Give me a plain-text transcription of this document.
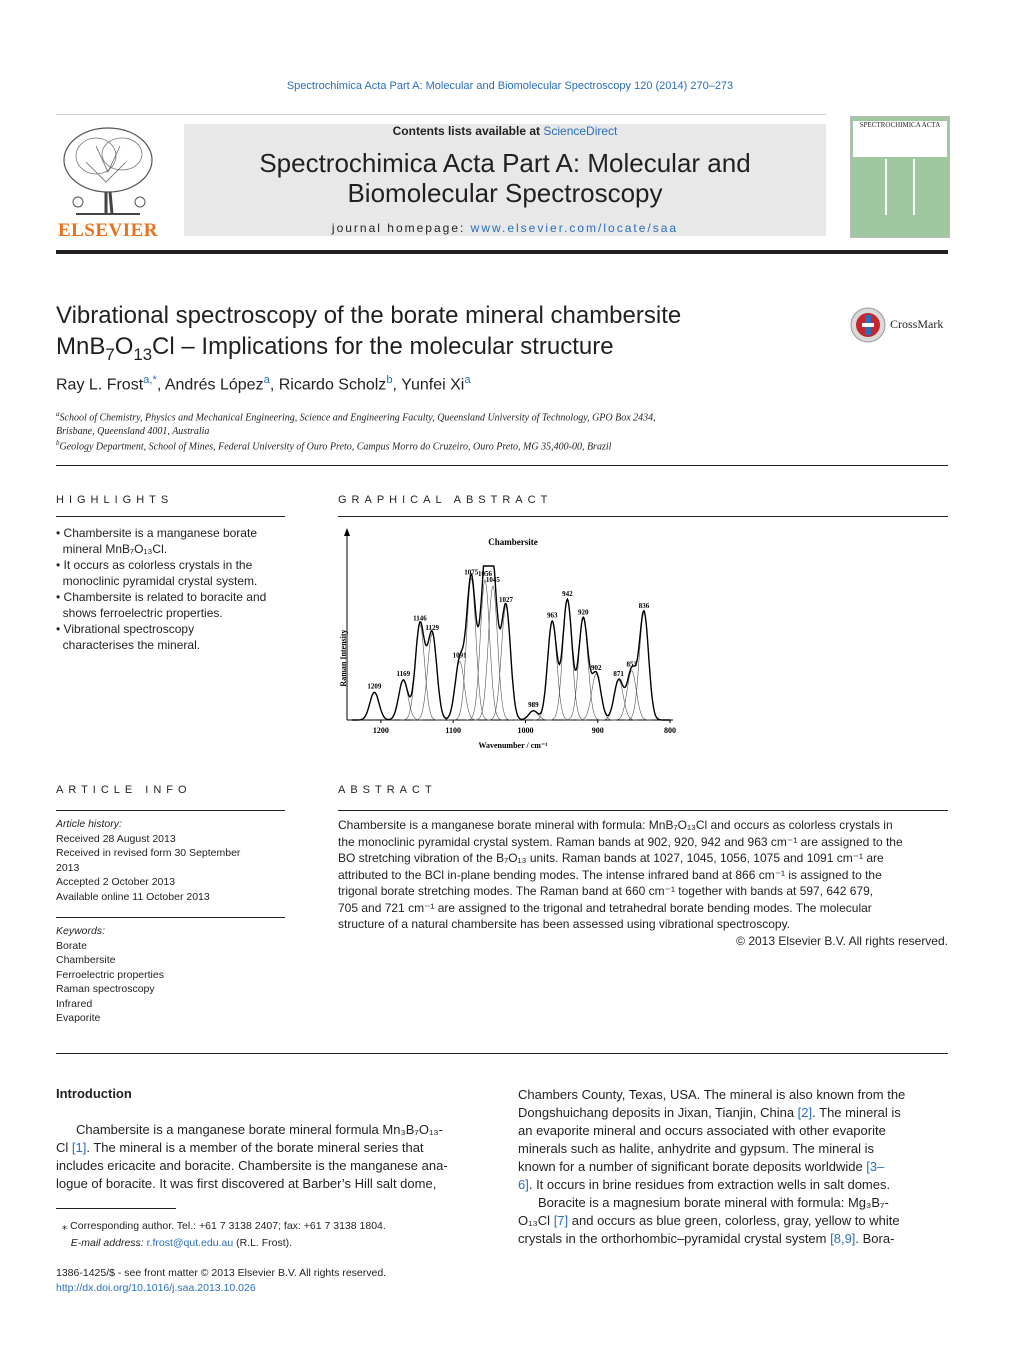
Spectrochimica Acta Part A: Molecular and Biomolecular Spectroscopy 120 (2014) 270–273
ELSEVIER
Contents lists available at ScienceDirect
Spectrochimica Acta Part A: Molecular and
Biomolecular Spectroscopy
journal homepage: www.elsevier.com/locate/saa
SPECTROCHIMICA ACTA
Vibrational spectroscopy of the borate mineral chambersite
$MnB_7O_{13}Cl$ – Implications for the molecular structure
CrossMark
Ray L. Frost$^{a,*}$, Andrés López$^a$, Ricardo Scholz$^b$, Yunfei Xi$^a$
$^a$School of Chemistry, Physics and Mechanical Engineering, Science and Engineering Faculty, Queensland University of Technology, GPO Box 2434,
Brisbane, Queensland 4001, Australia
$^b$Geology Department, School of Mines, Federal University of Ouro Preto, Campus Morro do Cruzeiro, Ouro Preto, MG 35,400-00, Brazil
HIGHLIGHTS
• Chambersite is a manganese borate
mineral MnB₇O₁₃Cl.
• It occurs as colorless crystals in the
monoclinic pyramidal crystal system.
• Chambersite is related to boracite and
shows ferroelectric properties.
• Vibrational spectroscopy
characterises the mineral.
GRAPHICAL ABSTRACT
Chambersite
Raman Intensity
1200	1100	1000	900	800
1209
1169
1146
1129
1091
1075 1056
1045
1027
989
963
942
920
902
871
853
836
Wavenumber / cm⁻¹
ARTICLE INFO
Article history:
Received 28 August 2013
Received in revised form 30 September
2013
Accepted 2 October 2013
Available online 11 October 2013
Keywords:
Borate
Chambersite
Ferroelectric properties
Raman spectroscopy
Infrared
Evaporite
ABSTRACT
Chambersite is a manganese borate mineral with formula: MnB₇O₁₃Cl and occurs as colorless crystals in
the monoclinic pyramidal crystal system. Raman bands at 902, 920, 942 and 963 cm⁻¹ are assigned to the
BO stretching vibration of the B₇O₁₃ units. Raman bands at 1027, 1045, 1056, 1075 and 1091 cm⁻¹ are
attributed to the BCl in-plane bending modes. The intense infrared band at 866 cm⁻¹ is assigned to the
trigonal borate stretching modes. The Raman band at 660 cm⁻¹ together with bands at 597, 642 679,
705 and 721 cm⁻¹ are assigned to the trigonal and tetrahedral borate bending modes. The molecular
structure of a natural chambersite has been assessed using vibrational spectroscopy.
© 2013 Elsevier B.V. All rights reserved.
Introduction
Chambersite is a manganese borate mineral formula Mn₃B₇O₁₃-
Cl [1]. The mineral is a member of the borate mineral series that
includes ericacite and boracite. Chambersite is the manganese ana-
logue of boracite. It was first discovered at Barber’s Hill salt dome,
Chambers County, Texas, USA. The mineral is also known from the
Dongshuichang deposits in Jixan, Tianjin, China [2]. The mineral is
an evaporite mineral and occurs associated with other evaporite
minerals such as halite, anhydrite and gypsum. The mineral is
known for a number of significant borate deposits worldwide [3–
6]. It occurs in brine residues from extraction wells in salt domes.
Boracite is a magnesium borate mineral with formula: Mg₃B₇-
O₁₃Cl [7] and occurs as blue green, colorless, gray, yellow to white
crystals in the orthorhombic–pyramidal crystal system [8,9]. Bora-
⁎ Corresponding author. Tel.: +61 7 3138 2407; fax: +61 7 3138 1804.
E-mail address: r.frost@qut.edu.au (R.L. Frost).
1386-1425/$ - see front matter © 2013 Elsevier B.V. All rights reserved.
http://dx.doi.org/10.1016/j.saa.2013.10.026
